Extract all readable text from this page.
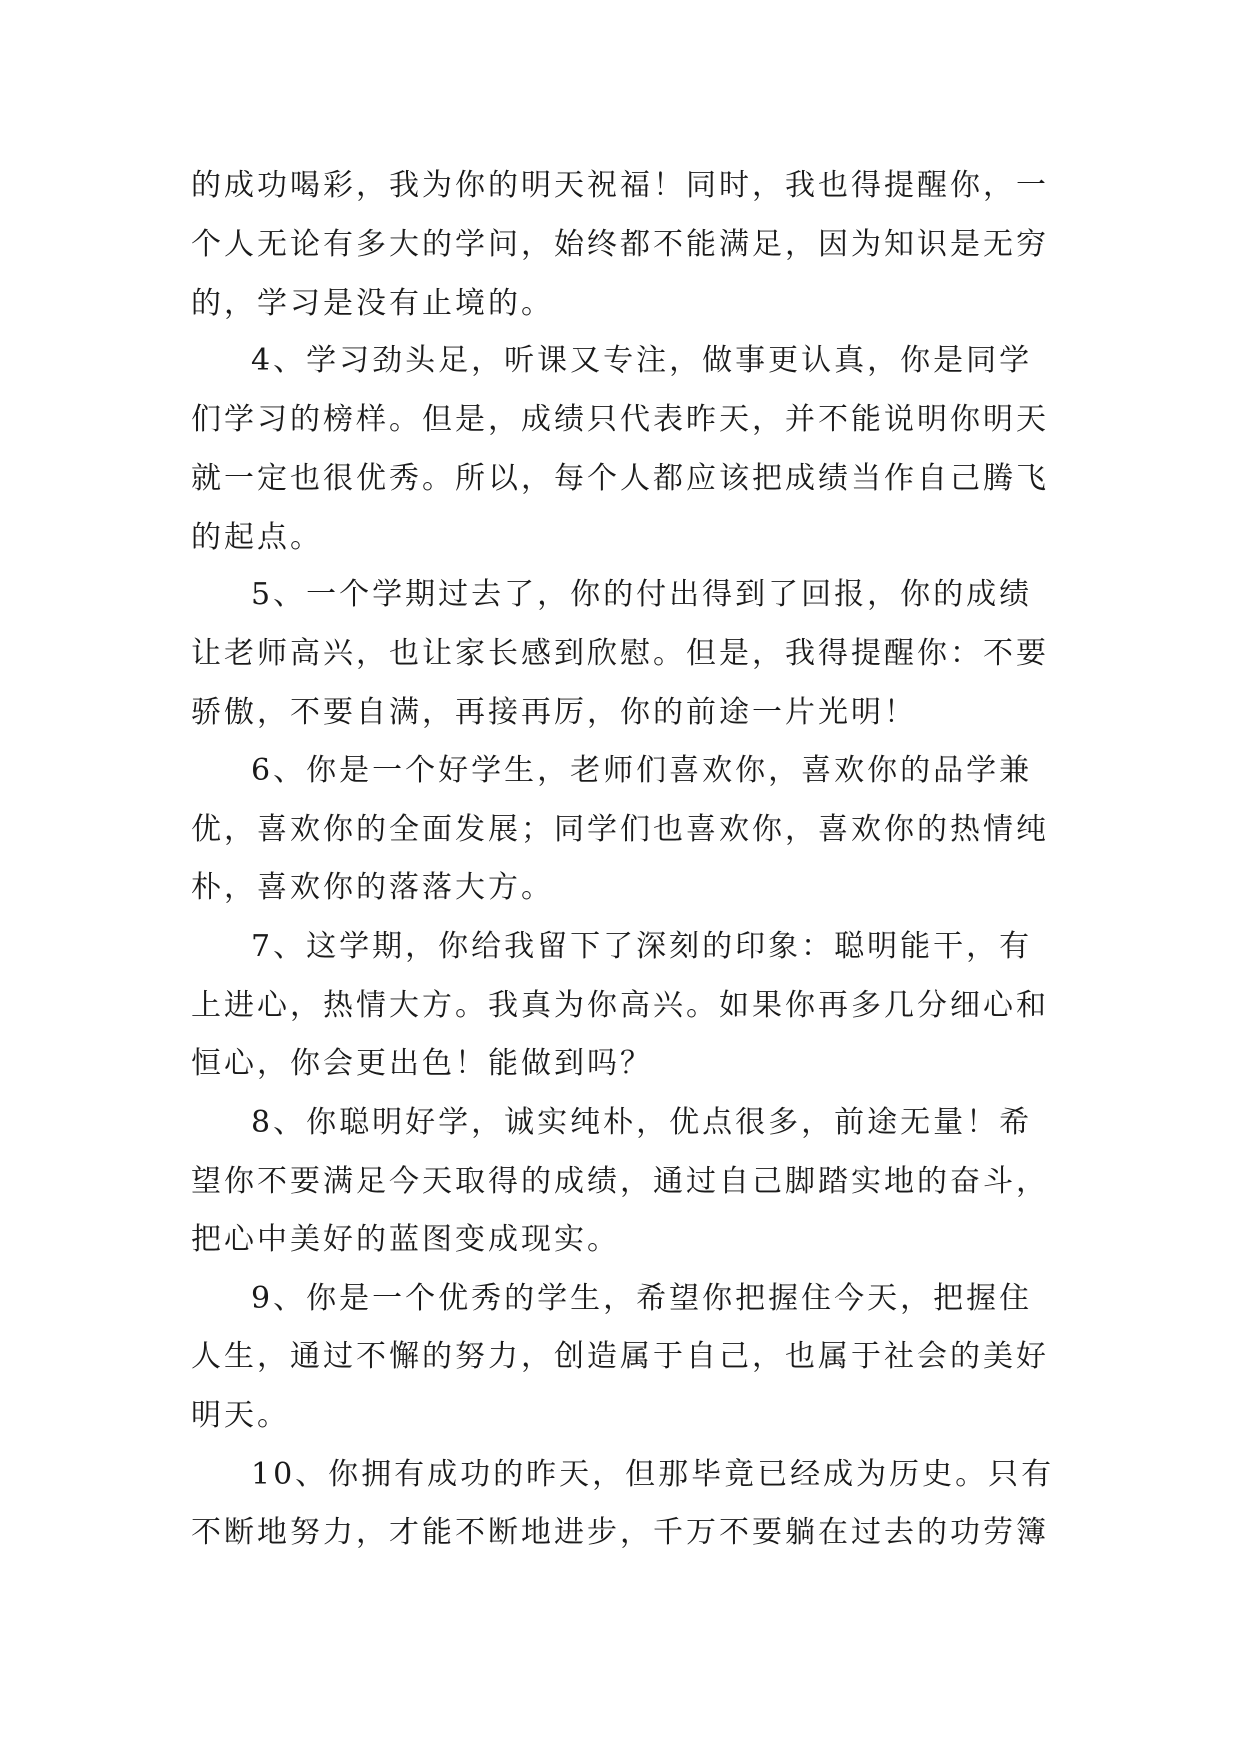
的成功喝彩，我为你的明天祝福！同时，我也得提醒你，一
个人无论有多大的学问，始终都不能满足，因为知识是无穷
的，学习是没有止境的。
4、学习劲头足，听课又专注，做事更认真，你是同学
们学习的榜样。但是，成绩只代表昨天，并不能说明你明天
就一定也很优秀。所以，每个人都应该把成绩当作自己腾飞
的起点。
5、一个学期过去了，你的付出得到了回报，你的成绩
让老师高兴，也让家长感到欣慰。但是，我得提醒你：不要
骄傲，不要自满，再接再厉，你的前途一片光明！
6、你是一个好学生，老师们喜欢你，喜欢你的品学兼
优，喜欢你的全面发展；同学们也喜欢你，喜欢你的热情纯
朴，喜欢你的落落大方。
7、这学期，你给我留下了深刻的印象：聪明能干，有
上进心，热情大方。我真为你高兴。如果你再多几分细心和
恒心，你会更出色！能做到吗？
8、你聪明好学，诚实纯朴，优点很多，前途无量！希
望你不要满足今天取得的成绩，通过自己脚踏实地的奋斗，
把心中美好的蓝图变成现实。
9、你是一个优秀的学生，希望你把握住今天，把握住
人生，通过不懈的努力，创造属于自己，也属于社会的美好
明天。
10、你拥有成功的昨天，但那毕竟已经成为历史。只有
不断地努力，才能不断地进步，千万不要躺在过去的功劳簿
